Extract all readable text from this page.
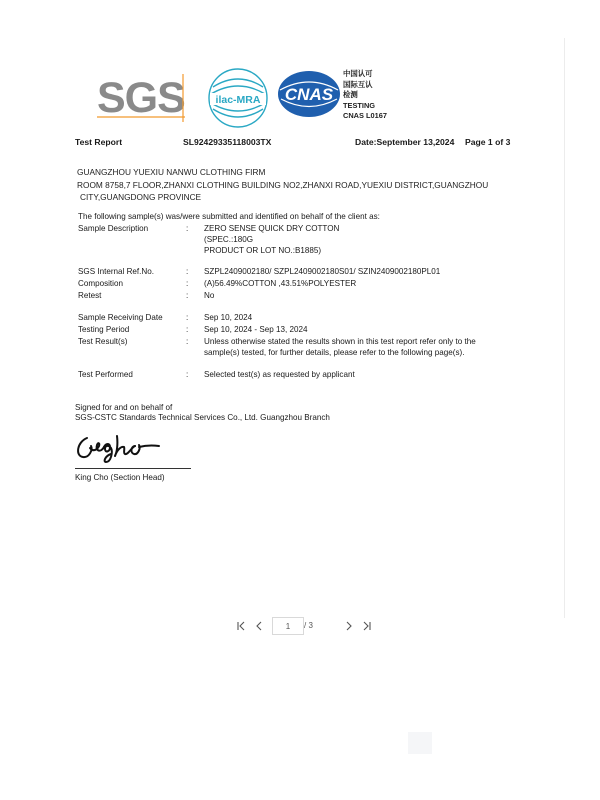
SGS	ilac-MRA CNAS
中国认可
国际互认
检测
TESTING
CNAS L0167
Test Report	SL92429335118003TX	Date:September 13,2024 Page 1 of 3
GUANGZHOU YUEXIU NANWU CLOTHING FIRM
ROOM 8758,7 FLOOR,ZHANXI CLOTHING BUILDING NO2,ZHANXI ROAD,YUEXIU DISTRICT,GUANGZHOU
CITY,GUANGDONG PROVINCE
The following sample(s) was/were submitted and identified on behalf of the client as:
Sample Description	: ZERO SENSE QUICK DRY COTTON
(SPEC.:180G
PRODUCT OR LOT NO.:B1885)
SGS Internal Ref.No.	: SZPL2409002180/ SZPL2409002180S01/ SZIN2409002180PL01
Composition	: (A)56.49%COTTON ,43.51%POLYESTER
Retest	: No
Sample Receiving Date	: Sep 10, 2024
Testing Period	: Sep 10, 2024 - Sep 13, 2024
Test Result(s)	: Unless otherwise stated the results shown in this test report refer only to the
sample(s) tested, for further details, please refer to the following page(s).
Test Performed	: Selected test(s) as requested by applicant
Signed for and on behalf of
SGS-CSTC Standards Technical Services Co., Ltd. Guangzhou Branch
King Cho (Section Head)
1
/ 3
